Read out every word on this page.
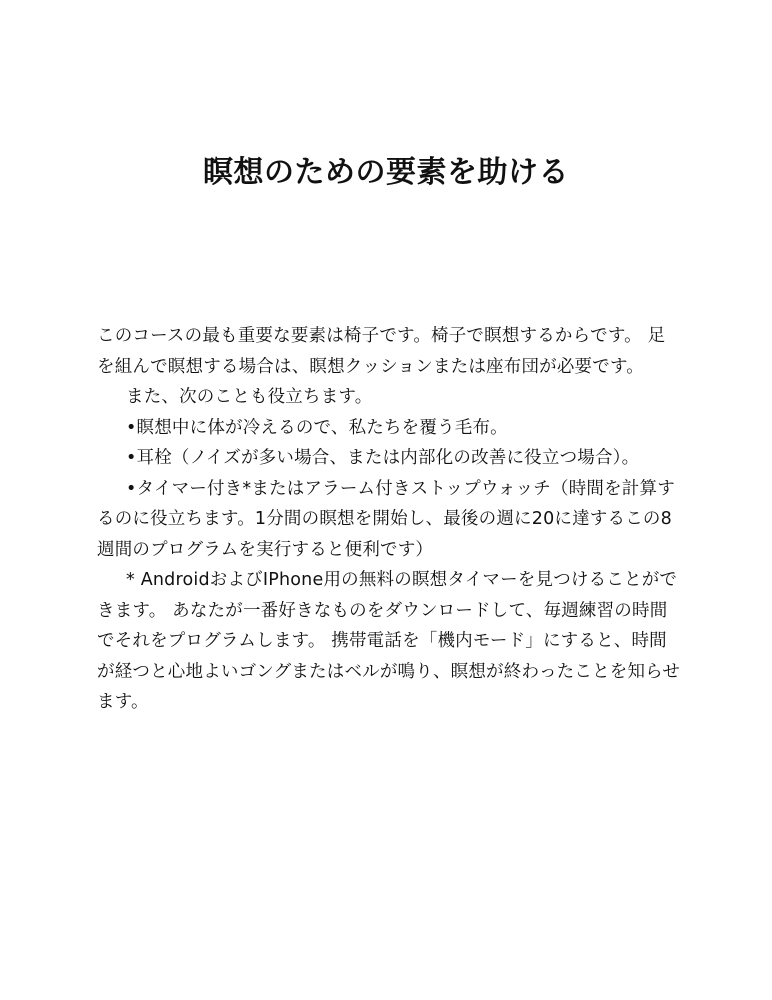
瞑想のための要素を助ける

このコースの最も重要な要素は椅子です。椅子で瞑想するからです。 足を組んで瞑想する場合は、瞑想クッションまたは座布団が必要です。

また、次のことも役立ちます。

•瞑想中に体が冷えるので、私たちを覆う毛布。

•耳栓（ノイズが多い場合、または内部化の改善に役立つ場合）。

•タイマー付き*またはアラーム付きストップウォッチ（時間を計算するのに役立ちます。1分間の瞑想を開始し、最後の週に20に達するこの8週間のプログラムを実行すると便利です）

* AndroidおよびIPhone用の無料の瞑想タイマーを見つけることができます。 あなたが一番好きなものをダウンロードして、毎週練習の時間でそれをプログラムします。 携帯電話を「機内モード」にすると、時間が経つと心地よいゴングまたはベルが鳴り、瞑想が終わったことを知らせます。
